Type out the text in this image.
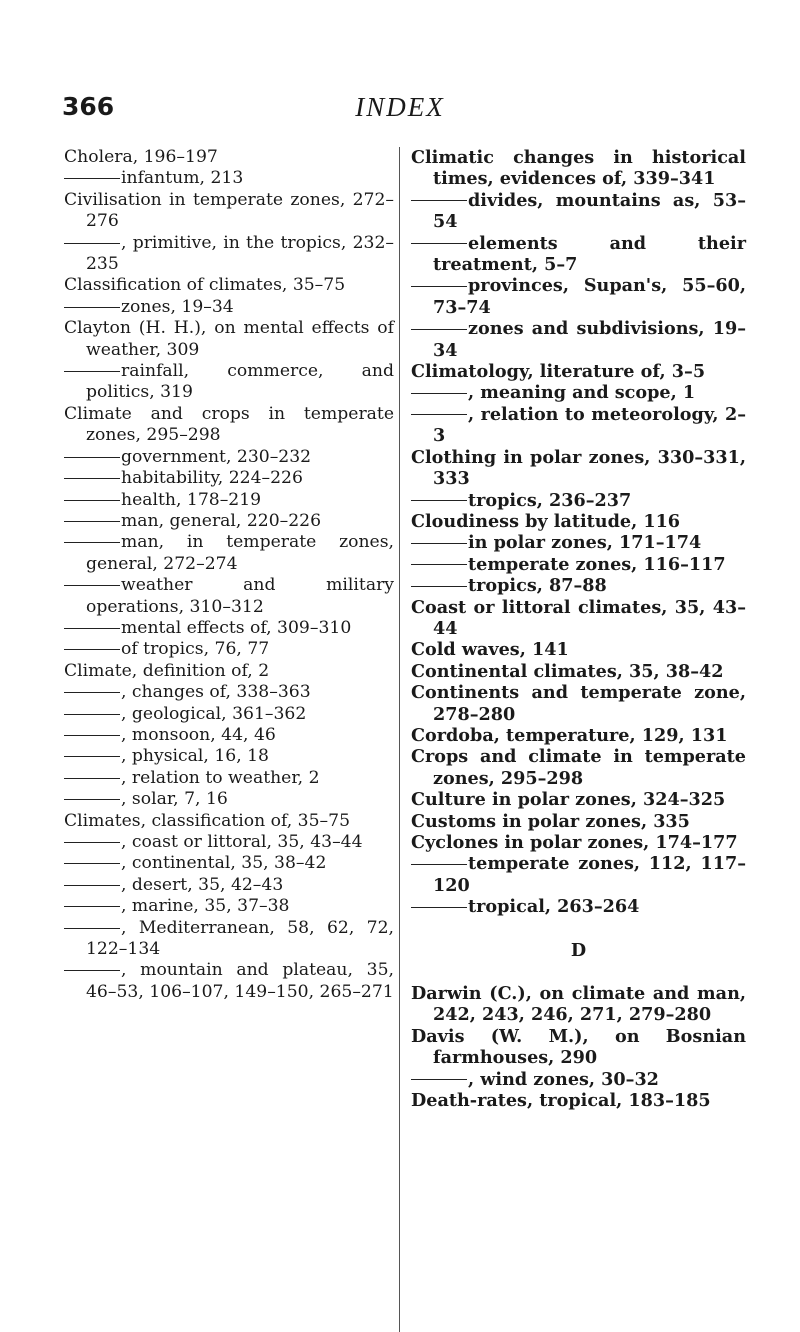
366	INDEX
Cholera, 196–197
infantum, 213
Civilisation in temperate zones, 272–276
, primitive, in the tropics, 232–235
Classification of climates, 35–75
zones, 19–34
Clayton (H. H.), on mental effects of weather, 309
rainfall, commerce, and politics, 319
Climate and crops in temperate zones, 295–298
government, 230–232
habitability, 224–226
health, 178–219
man, general, 220–226
man, in temperate zones, general, 272–274
weather and military operations, 310–312
mental effects of, 309–310
of tropics, 76, 77
Climate, definition of, 2
, changes of, 338–363
, geological, 361–362
, monsoon, 44, 46
, physical, 16, 18
, relation to weather, 2
, solar, 7, 16
Climates, classification of, 35–75
, coast or littoral, 35, 43–44
, continental, 35, 38–42
, desert, 35, 42–43
, marine, 35, 37–38
, Mediterranean, 58, 62, 72, 122–134
, mountain and plateau, 35, 46–53, 106–107, 149–150, 265–271
Climatic changes in historical times, evidences of, 339–341
divides, mountains as, 53–54
elements and their treatment, 5–7
provinces, Supan's, 55–60, 73–74
zones and subdivisions, 19–34
Climatology, literature of, 3–5
, meaning and scope, 1
, relation to meteorology, 2–3
Clothing in polar zones, 330–331, 333
tropics, 236–237
Cloudiness by latitude, 116
in polar zones, 171–174
temperate zones, 116–117
tropics, 87–88
Coast or littoral climates, 35, 43–44
Cold waves, 141
Continental climates, 35, 38–42
Continents and temperate zone, 278–280
Cordoba, temperature, 129, 131
Crops and climate in temperate zones, 295–298
Culture in polar zones, 324–325
Customs in polar zones, 335
Cyclones in polar zones, 174–177
temperate zones, 112, 117–120
tropical, 263–264
D
Darwin (C.), on climate and man, 242, 243, 246, 271, 279–280
Davis (W. M.), on Bosnian farmhouses, 290
, wind zones, 30–32
Death-rates, tropical, 183–185
